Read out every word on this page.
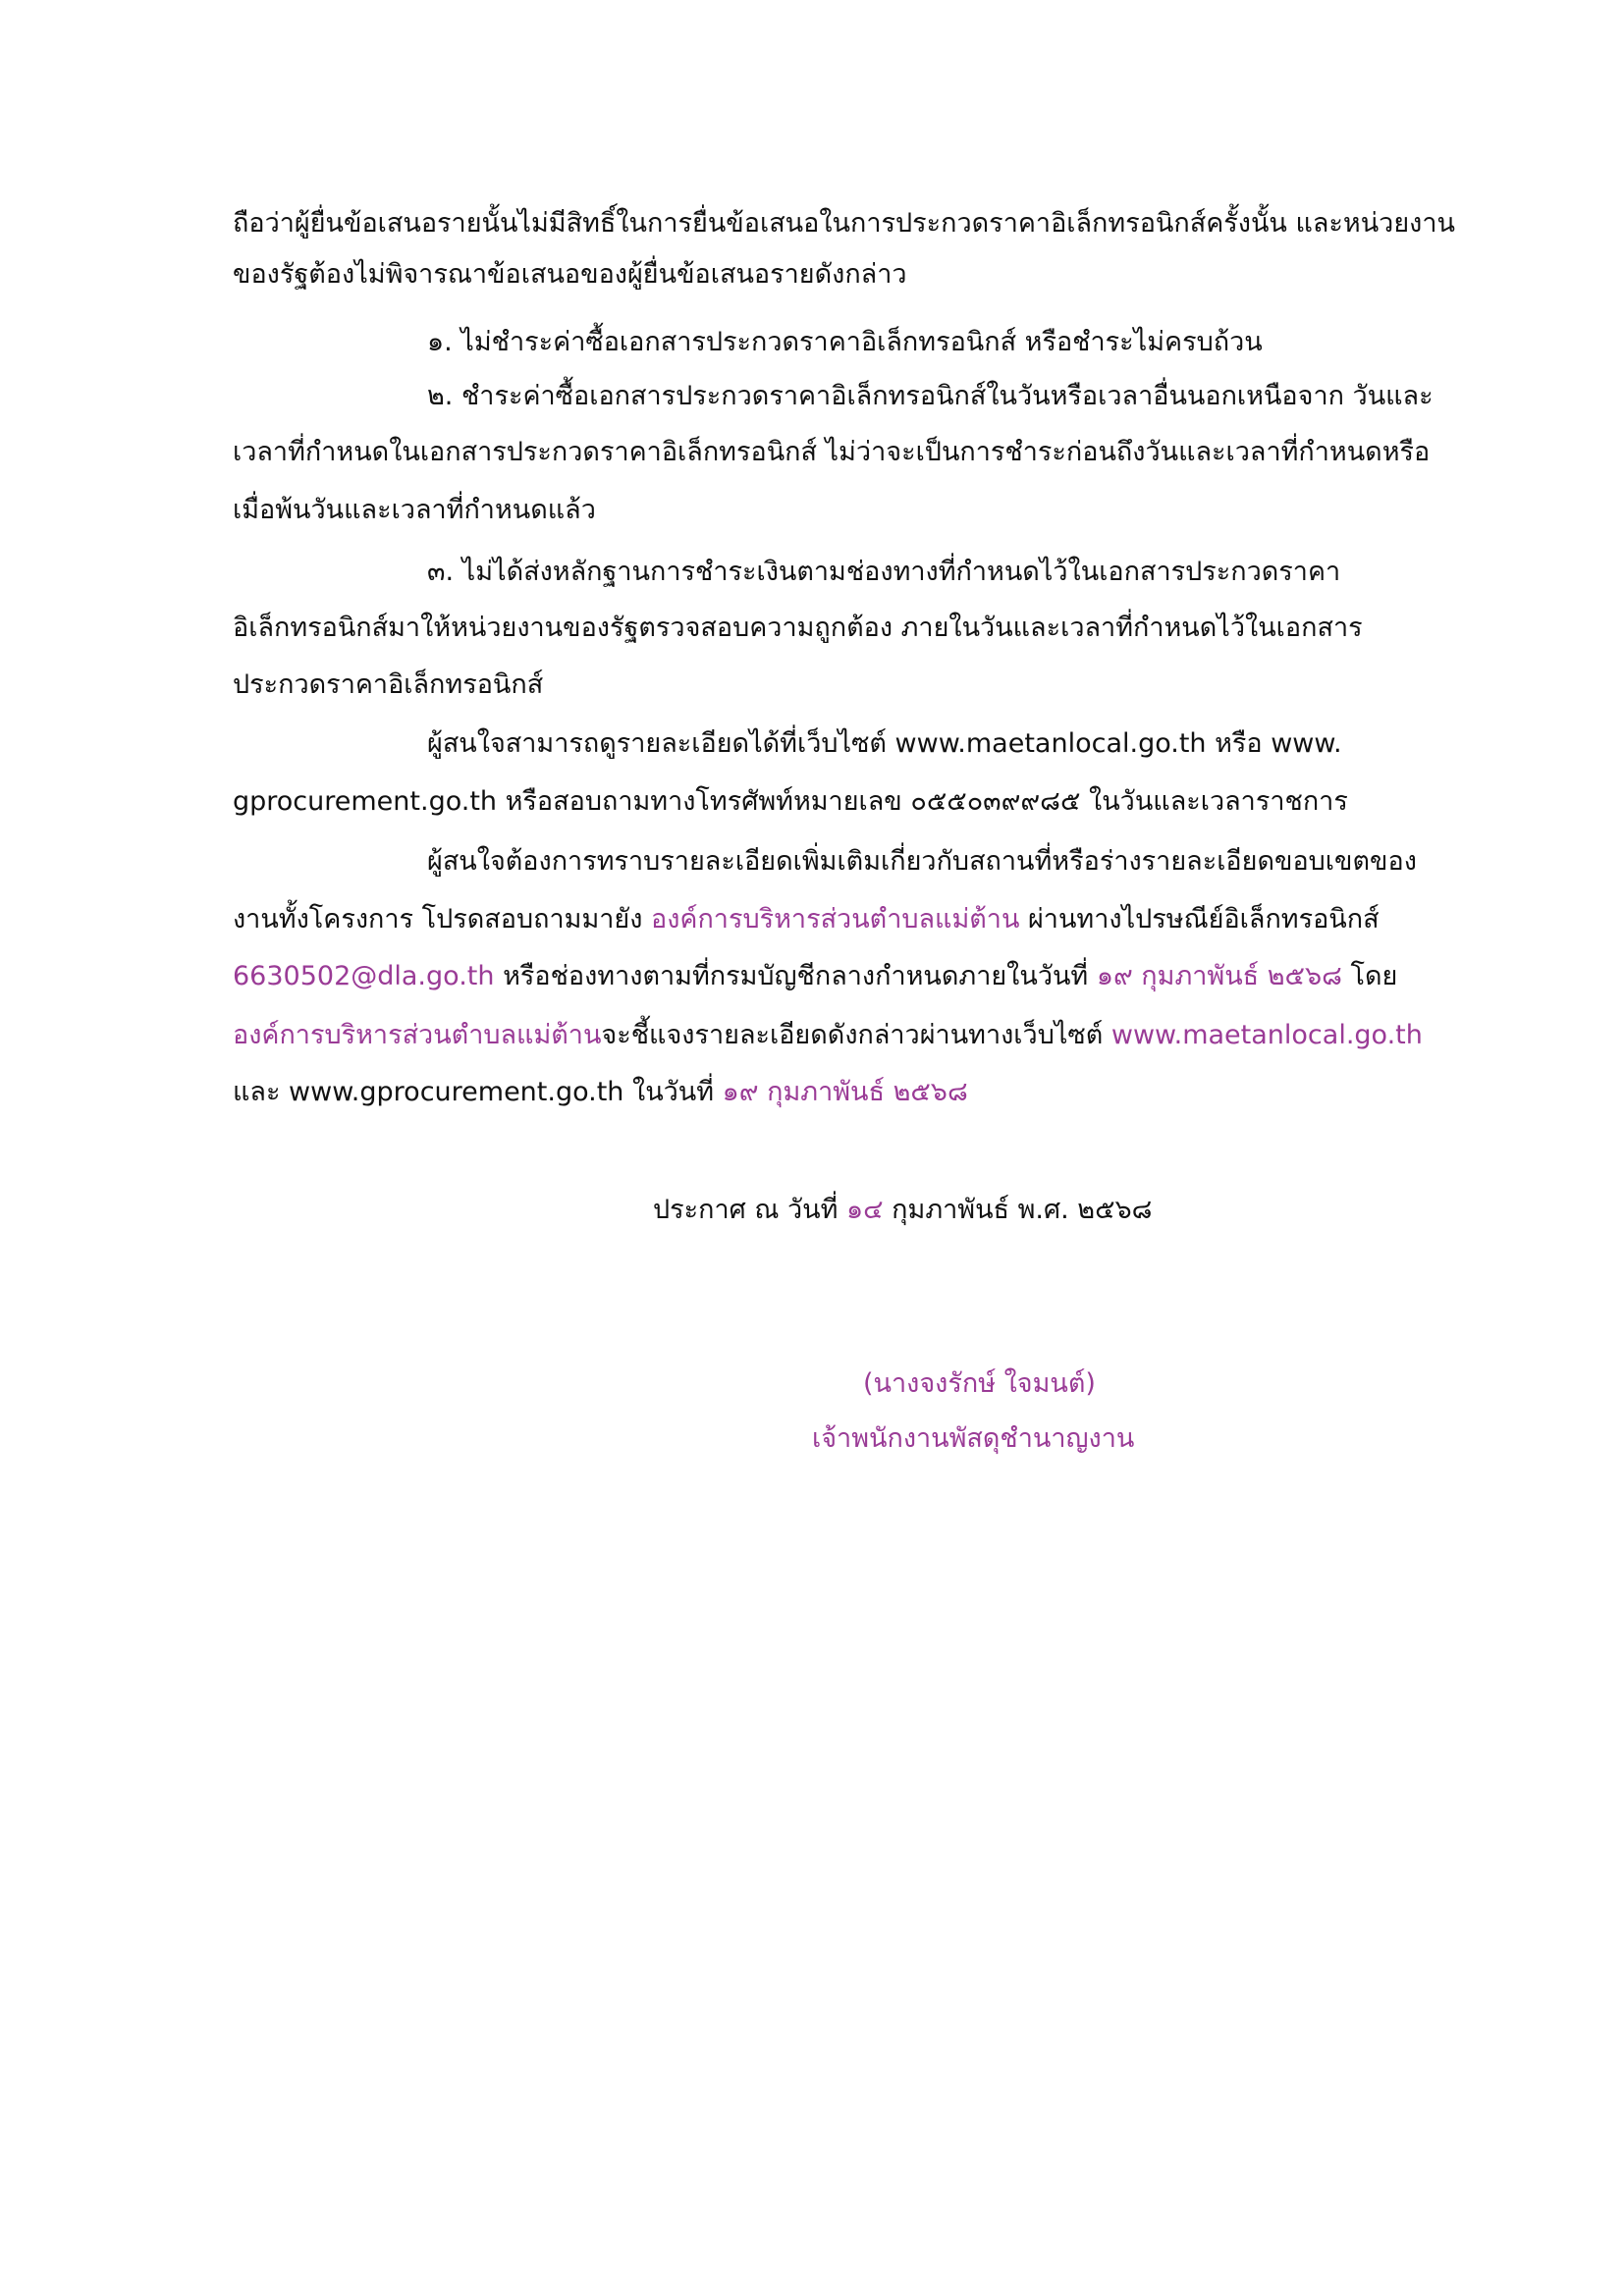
ถือว่าผู้ยื่นข้อเสนอรายนั้นไม่มีสิทธิ์ในการยื่นข้อเสนอในการประกวดราคาอิเล็กทรอนิกส์ครั้งนั้น และหน่วยงาน
ของรัฐต้องไม่พิจารณาข้อเสนอของผู้ยื่นข้อเสนอรายดังกล่าว
๑. ไม่ชำระค่าซื้อเอกสารประกวดราคาอิเล็กทรอนิกส์ หรือชำระไม่ครบถ้วน
๒. ชำระค่าซื้อเอกสารประกวดราคาอิเล็กทรอนิกส์ในวันหรือเวลาอื่นนอกเหนือจาก วันและ
เวลาที่กำหนดในเอกสารประกวดราคาอิเล็กทรอนิกส์ ไม่ว่าจะเป็นการชำระก่อนถึงวันและเวลาที่กำหนดหรือ
เมื่อพ้นวันและเวลาที่กำหนดแล้ว
๓. ไม่ได้ส่งหลักฐานการชำระเงินตามช่องทางที่กำหนดไว้ในเอกสารประกวดราคา
อิเล็กทรอนิกส์มาให้หน่วยงานของรัฐตรวจสอบความถูกต้อง ภายในวันและเวลาที่กำหนดไว้ในเอกสาร
ประกวดราคาอิเล็กทรอนิกส์
ผู้สนใจสามารถดูรายละเอียดได้ที่เว็บไซต์ www.maetanlocal.go.th หรือ www.
gprocurement.go.th หรือสอบถามทางโทรศัพท์หมายเลข ๐๕๕๐๓๙๙๘๕ ในวันและเวลาราชการ
ผู้สนใจต้องการทราบรายละเอียดเพิ่มเติมเกี่ยวกับสถานที่หรือร่างรายละเอียดขอบเขตของ
งานทั้งโครงการ โปรดสอบถามมายัง องค์การบริหารส่วนตำบลแม่ต้าน ผ่านทางไปรษณีย์อิเล็กทรอนิกส์
6630502@dla.go.th หรือช่องทางตามที่กรมบัญชีกลางกำหนดภายในวันที่ ๑๙ กุมภาพันธ์ ๒๕๖๘ โดย
องค์การบริหารส่วนตำบลแม่ต้านจะชี้แจงรายละเอียดดังกล่าวผ่านทางเว็บไซต์ www.maetanlocal.go.th
และ www.gprocurement.go.th ในวันที่ ๑๙ กุมภาพันธ์ ๒๕๖๘
ประกาศ ณ วันที่ ๑๔ กุมภาพันธ์ พ.ศ. ๒๕๖๘
(นางจงรักษ์ ใจมนต์)
เจ้าพนักงานพัสดุชำนาญงาน
